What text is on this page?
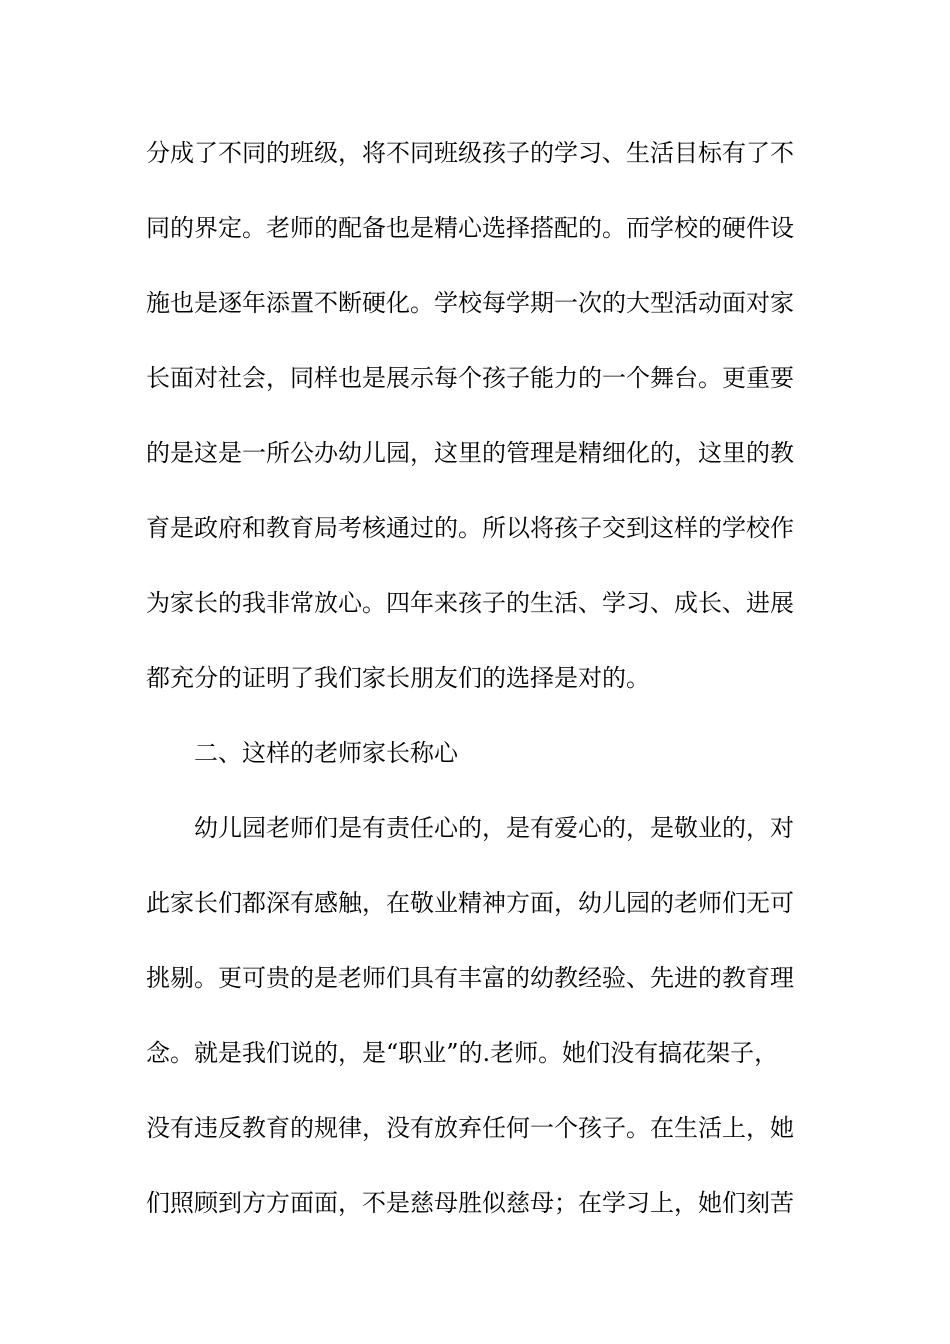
分成了不同的班级，将不同班级孩子的学习、生活目标有了不
同的界定。老师的配备也是精心选择搭配的。而学校的硬件设
施也是逐年添置不断硬化。学校每学期一次的大型活动面对家
长面对社会，同样也是展示每个孩子能力的一个舞台。更重要
的是这是一所公办幼儿园，这里的管理是精细化的，这里的教
育是政府和教育局考核通过的。所以将孩子交到这样的学校作
为家长的我非常放心。四年来孩子的生活、学习、成长、进展
都充分的证明了我们家长朋友们的选择是对的。
二、这样的老师家长称心
幼儿园老师们是有责任心的，是有爱心的，是敬业的，对
此家长们都深有感触，在敬业精神方面，幼儿园的老师们无可
挑剔。更可贵的是老师们具有丰富的幼教经验、先进的教育理
念。就是我们说的，是“职业”的.老师。她们没有搞花架子，
没有违反教育的规律，没有放弃任何一个孩子。在生活上，她
们照顾到方方面面，不是慈母胜似慈母；在学习上，她们刻苦
